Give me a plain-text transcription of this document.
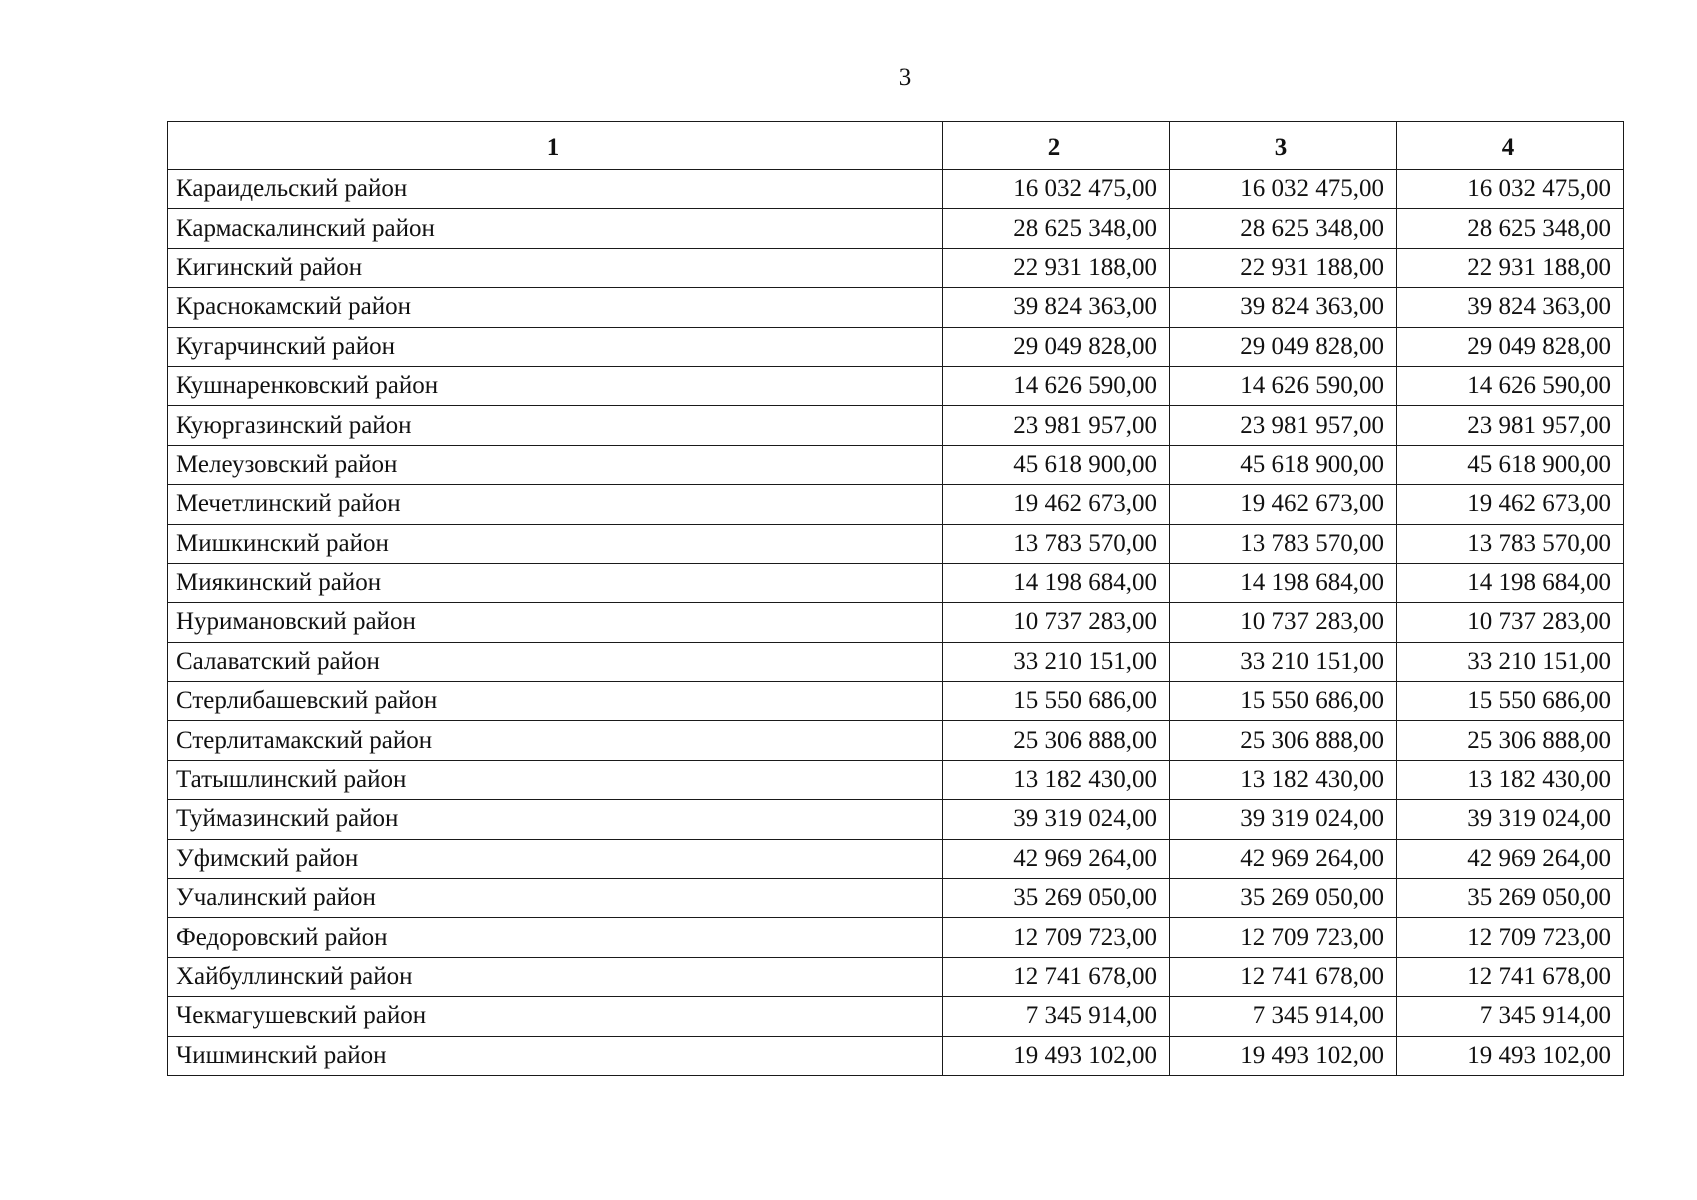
3
1	2	3	4
Караидельский район	16 032 475,00	16 032 475,00	16 032 475,00
Кармаскалинский район	28 625 348,00	28 625 348,00	28 625 348,00
Кигинский район	22 931 188,00	22 931 188,00	22 931 188,00
Краснокамский район	39 824 363,00	39 824 363,00	39 824 363,00
Кугарчинский район	29 049 828,00	29 049 828,00	29 049 828,00
Кушнаренковский район	14 626 590,00	14 626 590,00	14 626 590,00
Куюргазинский район	23 981 957,00	23 981 957,00	23 981 957,00
Мелеузовский район	45 618 900,00	45 618 900,00	45 618 900,00
Мечетлинский район	19 462 673,00	19 462 673,00	19 462 673,00
Мишкинский район	13 783 570,00	13 783 570,00	13 783 570,00
Миякинский район	14 198 684,00	14 198 684,00	14 198 684,00
Нуримановский район	10 737 283,00	10 737 283,00	10 737 283,00
Салаватский район	33 210 151,00	33 210 151,00	33 210 151,00
Стерлибашевский район	15 550 686,00	15 550 686,00	15 550 686,00
Стерлитамакский район	25 306 888,00	25 306 888,00	25 306 888,00
Татышлинский район	13 182 430,00	13 182 430,00	13 182 430,00
Туймазинский район	39 319 024,00	39 319 024,00	39 319 024,00
Уфимский район	42 969 264,00	42 969 264,00	42 969 264,00
Учалинский район	35 269 050,00	35 269 050,00	35 269 050,00
Федоровский район	12 709 723,00	12 709 723,00	12 709 723,00
Хайбуллинский район	12 741 678,00	12 741 678,00	12 741 678,00
Чекмагушевский район	7 345 914,00	7 345 914,00	7 345 914,00
Чишминский район	19 493 102,00	19 493 102,00	19 493 102,00
